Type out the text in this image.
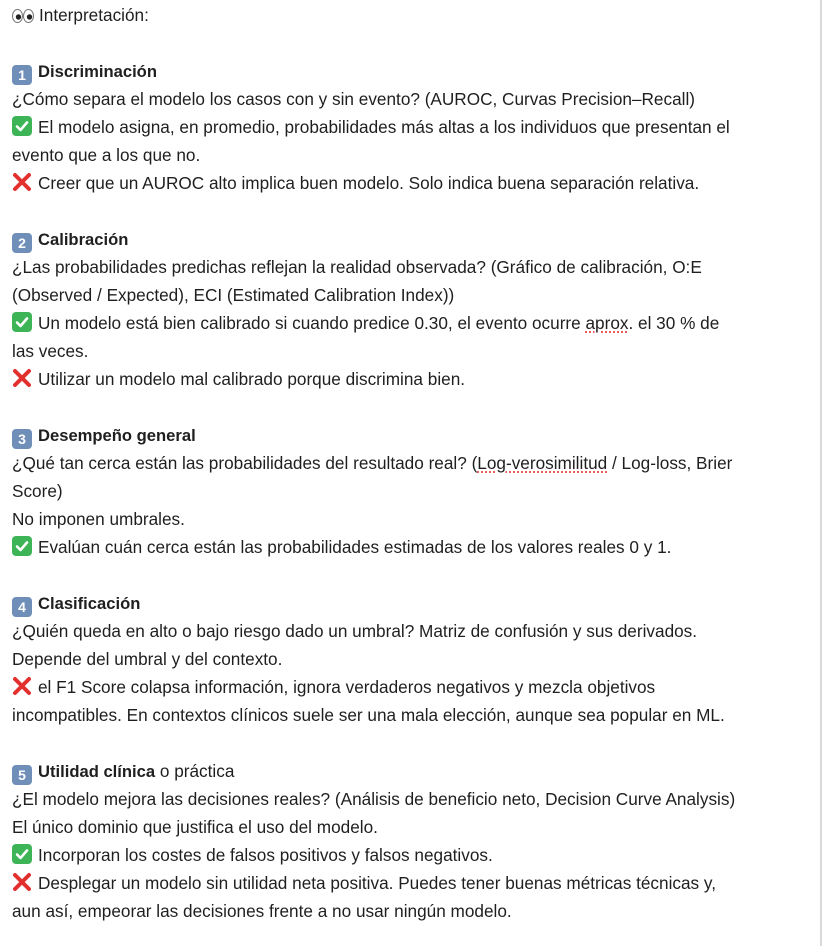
Interpretación:
1 Discriminación
¿Cómo separa el modelo los casos con y sin evento? (AUROC, Curvas Precision–Recall)
El modelo asigna, en promedio, probabilidades más altas a los individuos que presentan el
evento que a los que no.
Creer que un AUROC alto implica buen modelo. Solo indica buena separación relativa.
2 Calibración
¿Las probabilidades predichas reflejan la realidad observada? (Gráfico de calibración, O:E
(Observed / Expected), ECI (Estimated Calibration Index))
Un modelo está bien calibrado si cuando predice 0.30, el evento ocurre aprox. el 30 % de
las veces.
Utilizar un modelo mal calibrado porque discrimina bien.
3 Desempeño general
¿Qué tan cerca están las probabilidades del resultado real? (Log-verosimilitud / Log-loss, Brier
Score)
No imponen umbrales.
Evalúan cuán cerca están las probabilidades estimadas de los valores reales 0 y 1.
4 Clasificación
¿Quién queda en alto o bajo riesgo dado un umbral? Matriz de confusión y sus derivados.
Depende del umbral y del contexto.
el F1 Score colapsa información, ignora verdaderos negativos y mezcla objetivos
incompatibles. En contextos clínicos suele ser una mala elección, aunque sea popular en ML.
5 Utilidad clínica o práctica
¿El modelo mejora las decisiones reales? (Análisis de beneficio neto, Decision Curve Analysis)
El único dominio que justifica el uso del modelo.
Incorporan los costes de falsos positivos y falsos negativos.
Desplegar un modelo sin utilidad neta positiva. Puedes tener buenas métricas técnicas y,
aun así, empeorar las decisiones frente a no usar ningún modelo.
